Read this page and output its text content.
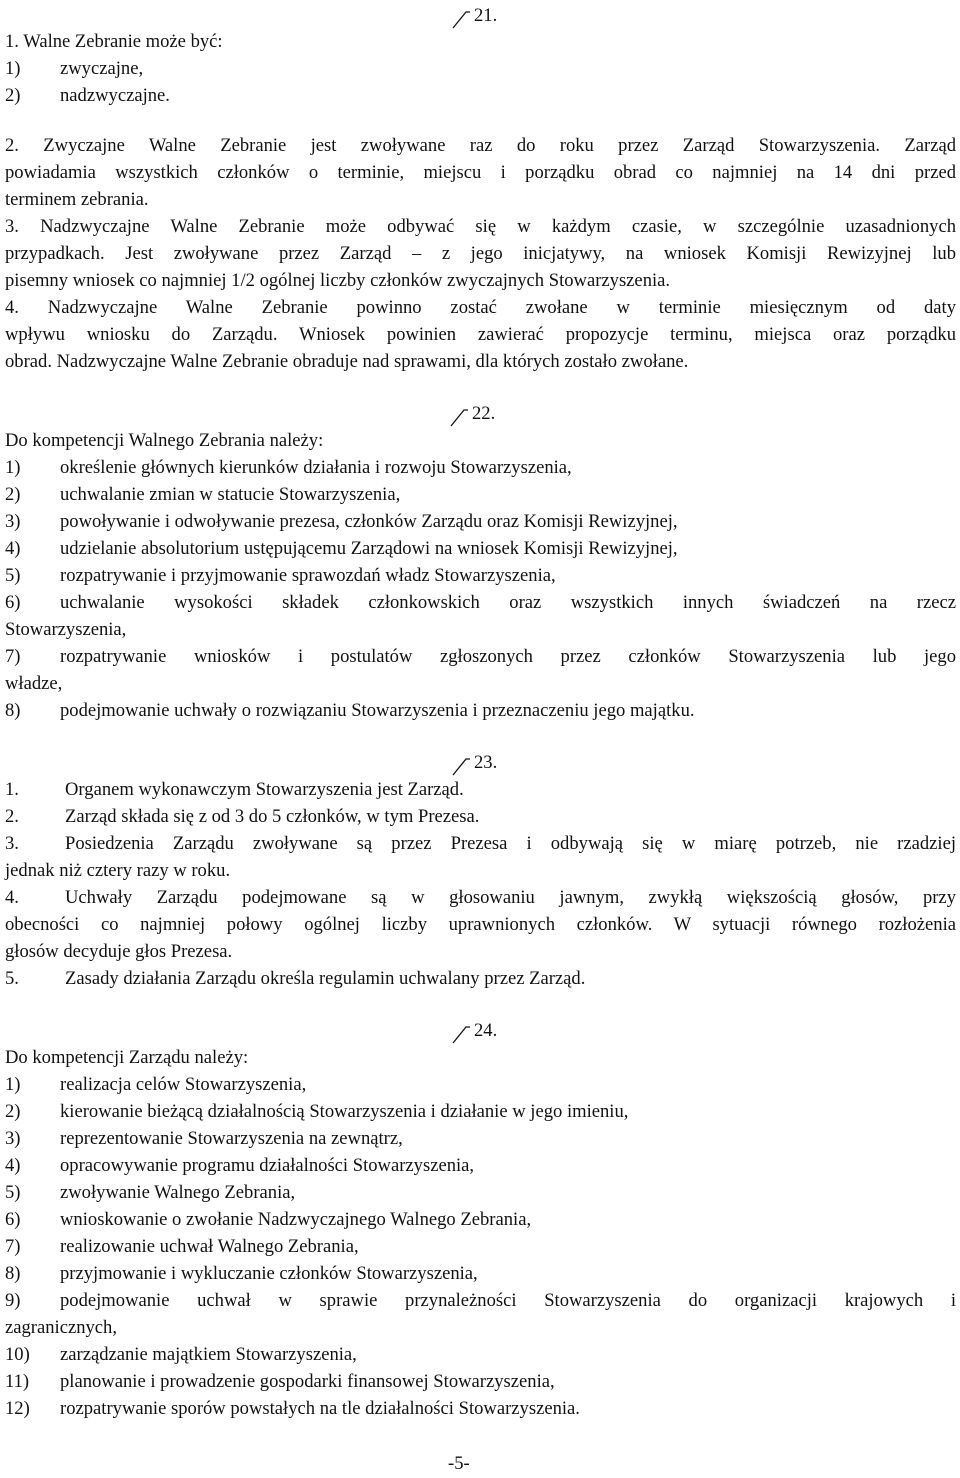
21.

1. Walne Zebranie może być:

1) zwyczajne,

2) nadzwyczajne.

2. Zwyczajne Walne Zebranie jest zwoływane raz do roku przez Zarząd Stowarzyszenia. Zarząd

powiadamia wszystkich członków o terminie, miejscu i porządku obrad co najmniej na 14 dni przed

terminem zebrania.

3. Nadzwyczajne Walne Zebranie może odbywać się w każdym czasie, w szczególnie uzasadnionych

przypadkach. Jest zwoływane przez Zarząd – z jego inicjatywy, na wniosek Komisji Rewizyjnej lub

pisemny wniosek co najmniej 1/2 ogólnej liczby członków zwyczajnych Stowarzyszenia.

4. Nadzwyczajne Walne Zebranie powinno zostać zwołane w terminie miesięcznym od daty

wpływu wniosku do Zarządu. Wniosek powinien zawierać propozycje terminu, miejsca oraz porządku

obrad. Nadzwyczajne Walne Zebranie obraduje nad sprawami, dla których zostało zwołane.

22.

Do kompetencji Walnego Zebrania należy:

1) określenie głównych kierunków działania i rozwoju Stowarzyszenia,

2) uchwalanie zmian w statucie Stowarzyszenia,

3) powoływanie i odwoływanie prezesa, członków Zarządu oraz Komisji Rewizyjnej,

4) udzielanie absolutorium ustępującemu Zarządowi na wniosek Komisji Rewizyjnej,

5) rozpatrywanie i przyjmowanie sprawozdań władz Stowarzyszenia,

6) uchwalanie wysokości składek członkowskich oraz wszystkich innych świadczeń na rzecz

Stowarzyszenia,

7) rozpatrywanie wniosków i postulatów zgłoszonych przez członków Stowarzyszenia lub jego

władze,

8) podejmowanie uchwały o rozwiązaniu Stowarzyszenia i przeznaczeniu jego majątku.

23.

1. Organem wykonawczym Stowarzyszenia jest Zarząd.

2. Zarząd składa się z od 3 do 5 członków, w tym Prezesa.

3. Posiedzenia Zarządu zwoływane są przez Prezesa i odbywają się w miarę potrzeb, nie rzadziej

jednak niż cztery razy w roku.

4. Uchwały Zarządu podejmowane są w głosowaniu jawnym, zwykłą większością głosów, przy

obecności co najmniej połowy ogólnej liczby uprawnionych członków. W sytuacji równego rozłożenia

głosów decyduje głos Prezesa.

5. Zasady działania Zarządu określa regulamin uchwalany przez Zarząd.

24.

Do kompetencji Zarządu należy:

1) realizacja celów Stowarzyszenia,

2) kierowanie bieżącą działalnością Stowarzyszenia i działanie w jego imieniu,

3) reprezentowanie Stowarzyszenia na zewnątrz,

4) opracowywanie programu działalności Stowarzyszenia,

5) zwoływanie Walnego Zebrania,

6) wnioskowanie o zwołanie Nadzwyczajnego Walnego Zebrania,

7) realizowanie uchwał Walnego Zebrania,

8) przyjmowanie i wykluczanie członków Stowarzyszenia,

9) podejmowanie uchwał w sprawie przynależności Stowarzyszenia do organizacji krajowych i

zagranicznych,

10) zarządzanie majątkiem Stowarzyszenia,

11) planowanie i prowadzenie gospodarki finansowej Stowarzyszenia,

12) rozpatrywanie sporów powstałych na tle działalności Stowarzyszenia.

-5-
